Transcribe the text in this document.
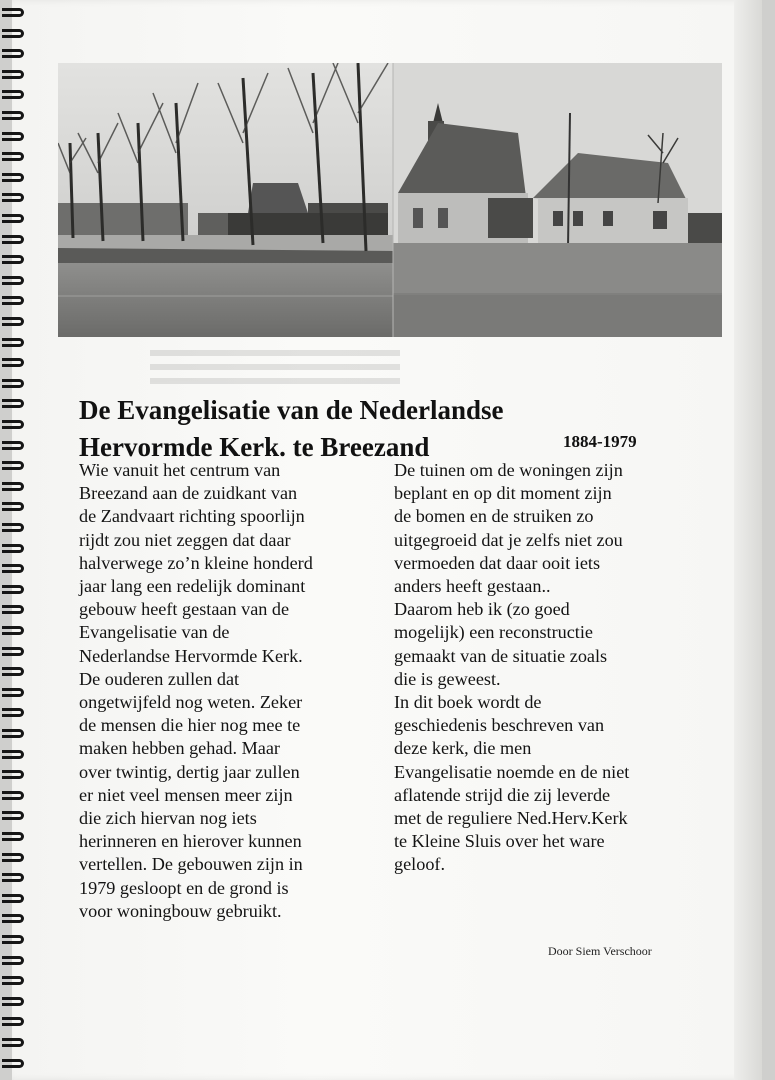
De Evangelisatie van de Nederlandse
Hervormde Kerk. te Breezand	1884-1979
Wie vanuit het centrum van
Breezand aan de zuidkant van
de Zandvaart richting spoorlijn
rijdt zou niet zeggen dat daar
halverwege zo’n kleine honderd
jaar lang een redelijk dominant
gebouw heeft gestaan van de
Evangelisatie van de
Nederlandse Hervormde Kerk.
De ouderen zullen dat
ongetwijfeld nog weten. Zeker
de mensen die hier nog mee te
maken hebben gehad. Maar
over twintig, dertig jaar zullen
er niet veel mensen meer zijn
die zich hiervan nog iets
herinneren en hierover kunnen
vertellen. De gebouwen zijn in
1979 gesloopt en de grond is
voor woningbouw gebruikt.
De tuinen om de woningen zijn
beplant en op dit moment zijn
de bomen en de struiken zo
uitgegroeid dat je zelfs niet zou
vermoeden dat daar ooit iets
anders heeft gestaan..
Daarom heb ik (zo goed
mogelijk) een reconstructie
gemaakt van de situatie zoals
die is geweest.
In dit boek wordt de
geschiedenis beschreven van
deze kerk, die men
Evangelisatie noemde en de niet
aflatende strijd die zij leverde
met de reguliere Ned.Herv.Kerk
te Kleine Sluis over het ware
geloof.
Door Siem Verschoor
